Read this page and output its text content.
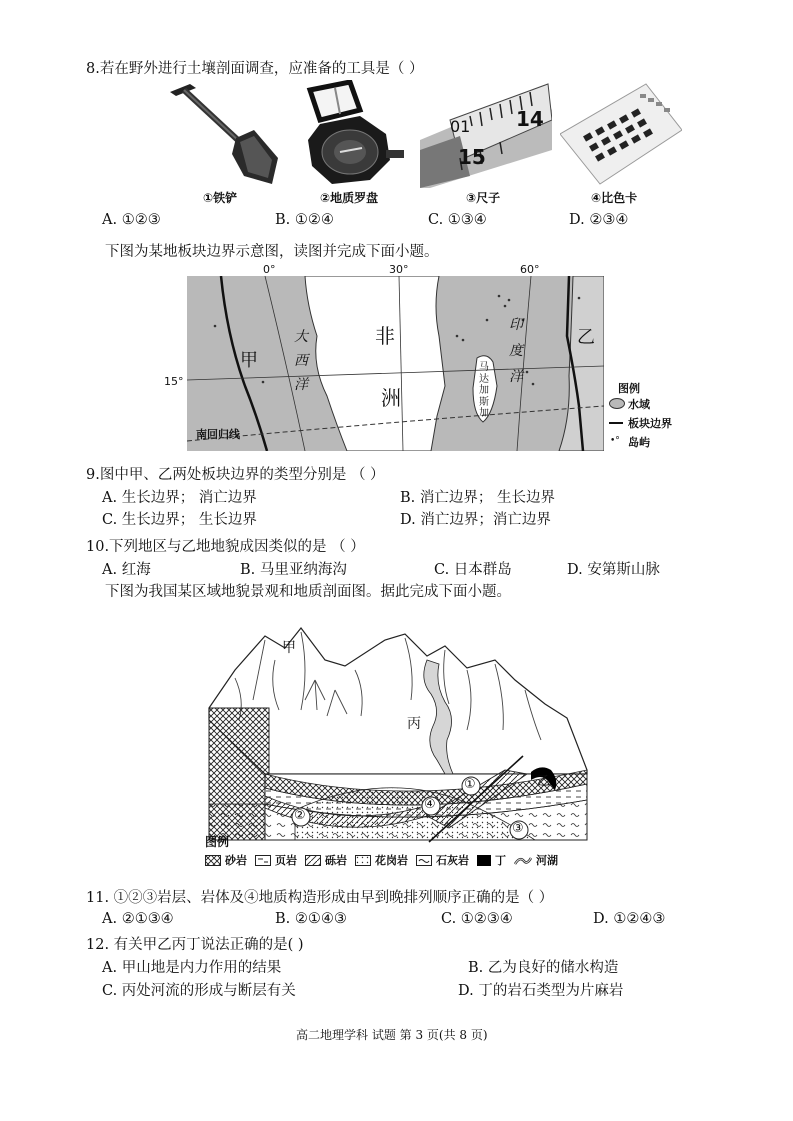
8.若在野外进行土壤剖面调查，应准备的工具是（ ）
14
01
15
①铁铲	②地质罗盘	③尺子	④比色卡
A. ①②③	B. ①②④	C. ①③④	D. ②③④
下图为某地板块边界示意图，读图并完成下面小题。
0°	30°	60°
15°
甲
乙
大
西
洋
非
洲
印
度
洋
马
达
加
斯
加
南回归线
图例
水域
板块边界
•° 岛屿
9.图中甲、乙两处板块边界的类型分别是 （ ）
A. 生长边界； 消亡边界	B. 消亡边界； 生长边界
C. 生长边界； 生长边界	D. 消亡边界；消亡边界
10.下列地区与乙地地貌成因类似的是 （ ）
A. 红海	B. 马里亚纳海沟	C. 日本群岛	D. 安第斯山脉
下图为我国某区域地貌景观和地质剖面图。据此完成下面小题。
甲
丙
乙
①
②
③
④
图例
砂岩	页岩	砾岩	花岗岩	石灰岩 丁	河湖
11. ①②③岩层、岩体及④地质构造形成由早到晚排列顺序正确的是（ ）
A. ②①③④	B. ②①④③	C. ①②③④	D. ①②④③
12. 有关甲乙丙丁说法正确的是( )
A. 甲山地是内力作用的结果	B. 乙为良好的储水构造
C. 丙处河流的形成与断层有关	D. 丁的岩石类型为片麻岩
高二地理学科 试题 第 3 页(共 8 页)
